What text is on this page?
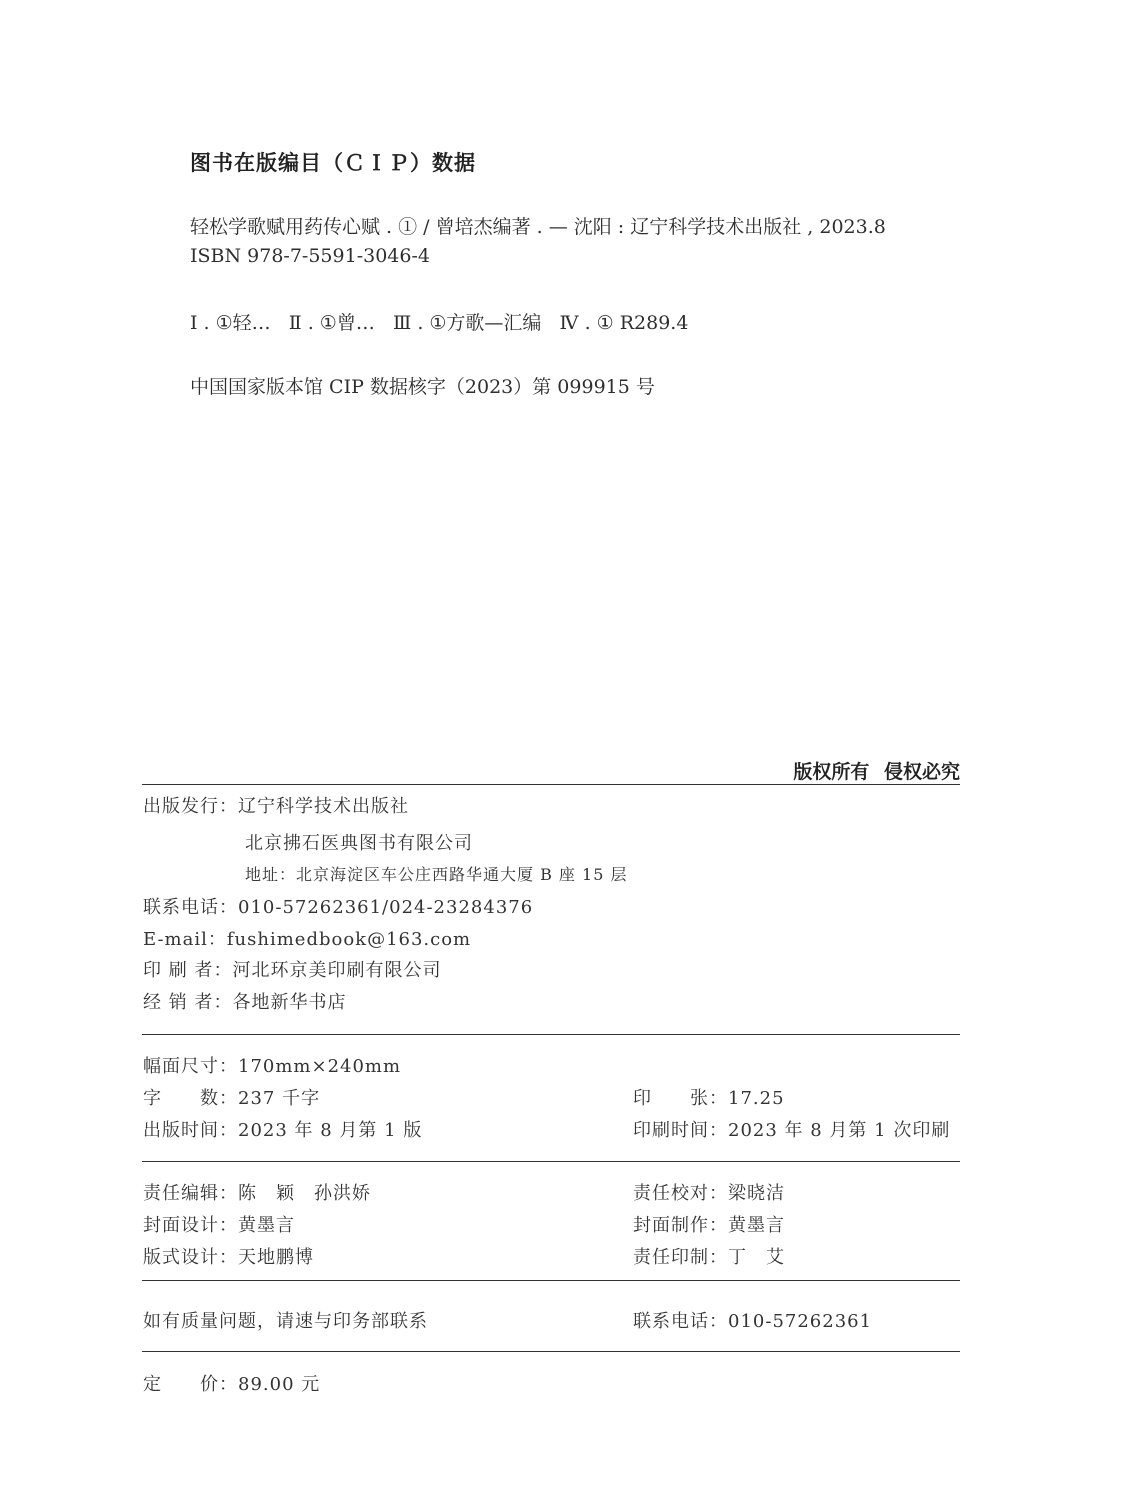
图书在版编目（ＣＩＰ）数据
轻松学歌赋用药传心赋 . ① / 曾培杰编著 . — 沈阳 : 辽宁科学技术出版社 , 2023.8
ISBN 978-7-5591-3046-4
Ⅰ . ①轻…   Ⅱ . ①曾…   Ⅲ . ①方歌—汇编   Ⅳ . ① R289.4
中国国家版本馆 CIP 数据核字（2023）第 099915 号
版权所有 侵权必究
出版发行：辽宁科学技术出版社
北京拂石医典图书有限公司
地址：北京海淀区车公庄西路华通大厦 B 座 15 层
联系电话：010-57262361/024-23284376
E-mail：fushimedbook@163.com
印 刷 者：河北环京美印刷有限公司
经 销 者：各地新华书店
幅面尺寸：170mm×240mm
字　　数：237 千字	印　　张：17.25
出版时间：2023 年 8 月第 1 版	印刷时间：2023 年 8 月第 1 次印刷
责任编辑：陈　颖　孙洪娇	责任校对：梁晓洁
封面设计：黄墨言	封面制作：黄墨言
版式设计：天地鹏博	责任印制：丁　艾
如有质量问题，请速与印务部联系	联系电话：010-57262361
定　　价：89.00 元
